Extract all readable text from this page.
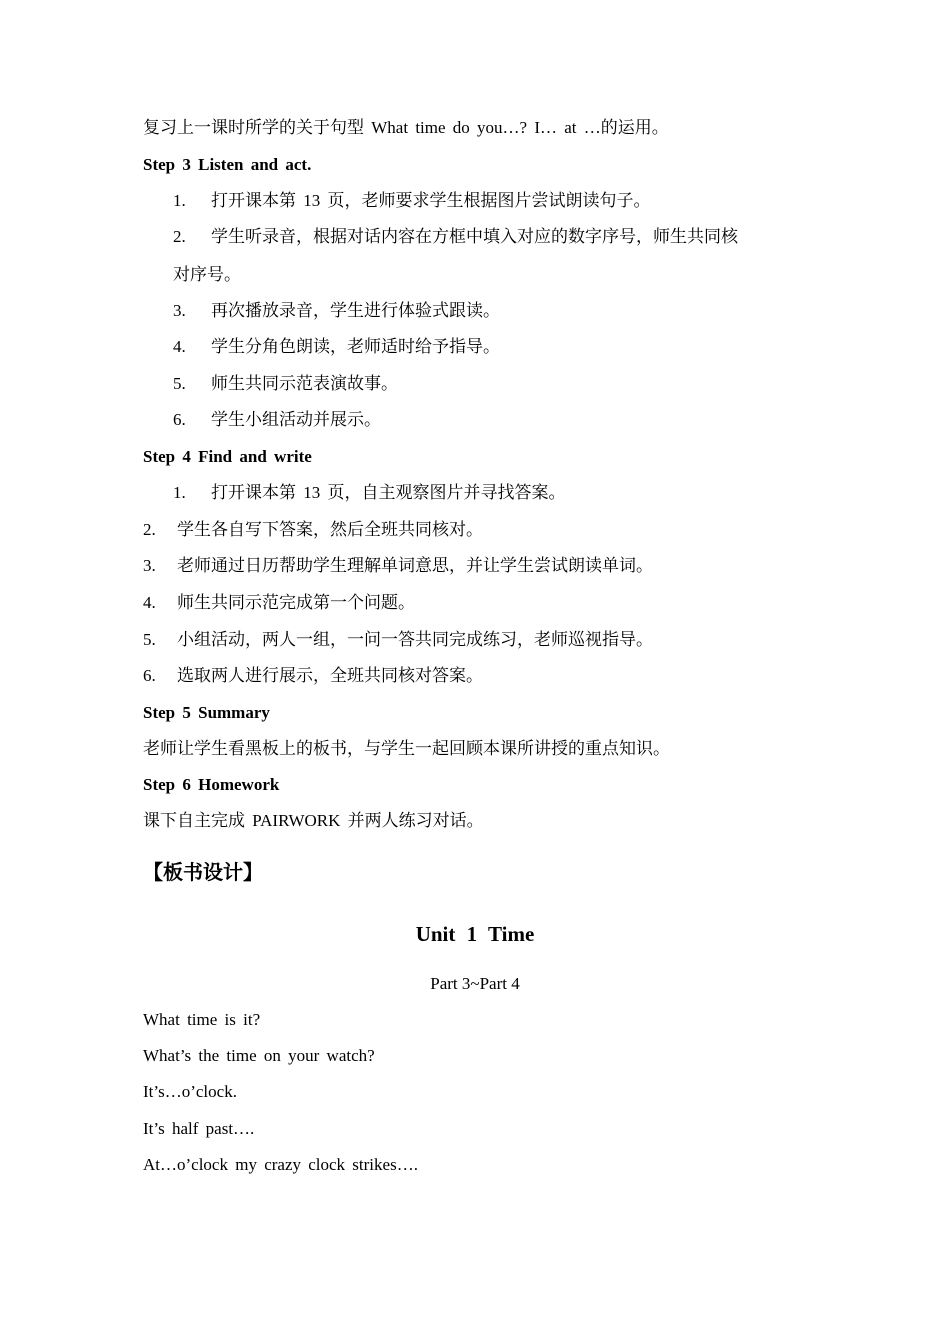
复习上一课时所学的关于句型 What time do you…? I… at …的运用。
Step 3 Listen and act.
1. 打开课本第 13 页，老师要求学生根据图片尝试朗读句子。
2. 学生听录音，根据对话内容在方框中填入对应的数字序号，师生共同核
对序号。
3. 再次播放录音，学生进行体验式跟读。
4. 学生分角色朗读，老师适时给予指导。
5. 师生共同示范表演故事。
6. 学生小组活动并展示。
Step 4 Find and write
1. 打开课本第 13 页，自主观察图片并寻找答案。
2. 学生各自写下答案，然后全班共同核对。
3. 老师通过日历帮助学生理解单词意思，并让学生尝试朗读单词。
4. 师生共同示范完成第一个问题。
5. 小组活动，两人一组，一问一答共同完成练习，老师巡视指导。
6. 选取两人进行展示，全班共同核对答案。
Step 5 Summary
老师让学生看黑板上的板书，与学生一起回顾本课所讲授的重点知识。
Step 6 Homework
课下自主完成 PAIRWORK 并两人练习对话。
【板书设计】
Unit 1 Time
Part 3~Part 4
What time is it?
What’s the time on your watch?
It’s…o’clock.
It’s half past….
At…o’clock my crazy clock strikes….
